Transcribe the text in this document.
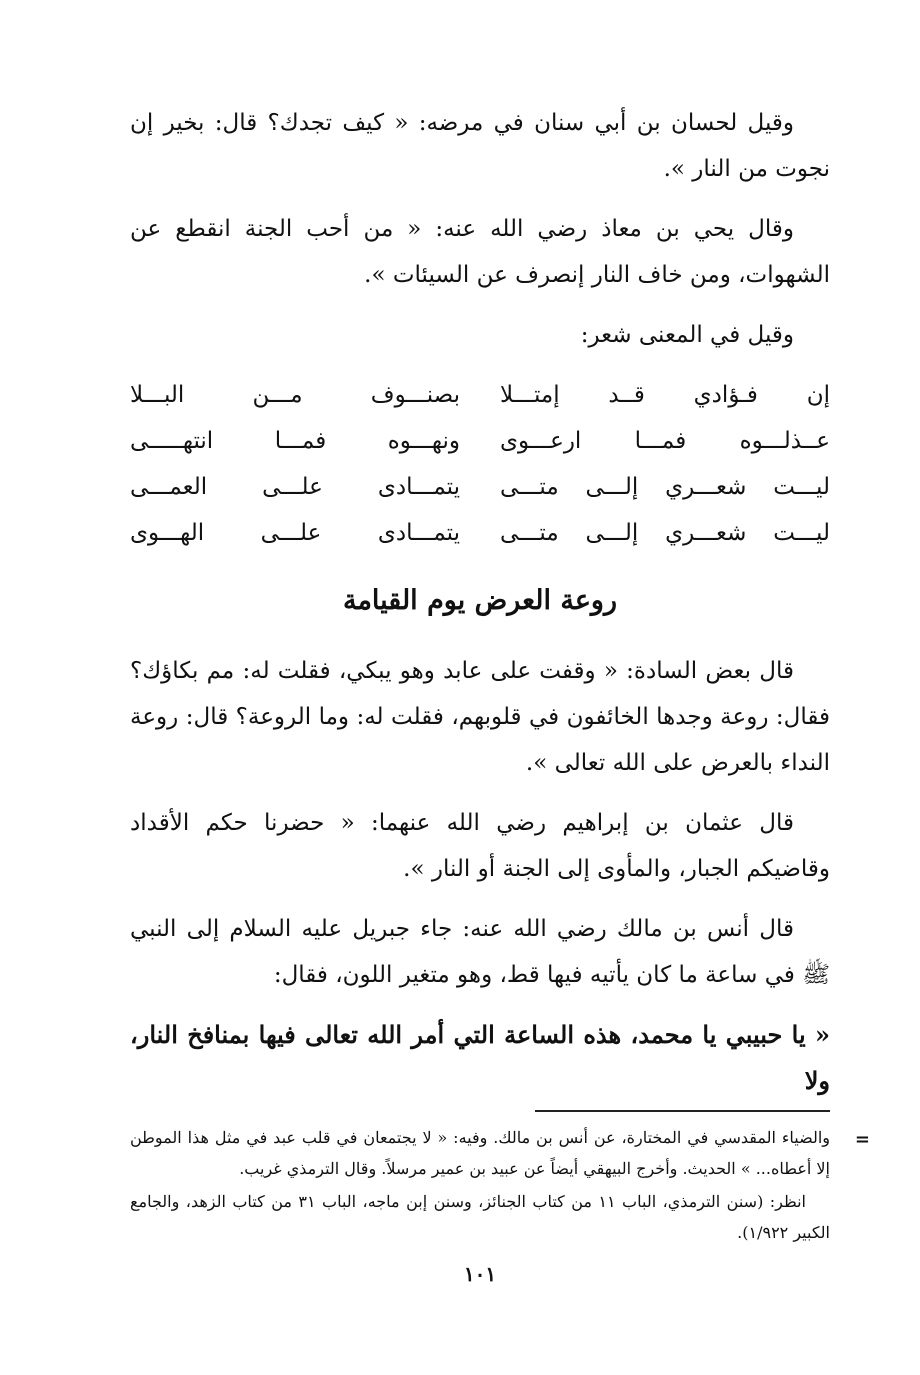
وقيل لحسان بن أبي سنان في مرضه: « كيف تجدك؟ قال: بخير إن نجوت من النار ».

وقال يحي بن معاذ رضي الله عنه: « من أحب الجنة انقطع عن الشهوات، ومن خاف النار إنصرف عن السيئات ».

وقيل في المعنى شعر:

إن فـؤادي قــد إمتـــلا
بصنـــوف مـــن البـــلا
عــذلـــوه فمـــا ارعـــوى
ونهـــوه فمـــا انتهـــــى
ليـــت شعـــري إلـــى متـــى
يتمـــادى علـــى العمـــى
ليـــت شعـــري إلـــى متـــى
يتمـــادى علـــى الهـــوى
روعة العرض يوم القيامة

قال بعض السادة: « وقفت على عابد وهو يبكي، فقلت له: مم بكاؤك؟ فقال: روعة وجدها الخائفون في قلوبهم، فقلت له: وما الروعة؟ قال: روعة النداء بالعرض على الله تعالى ».

قال عثمان بن إبراهيم رضي الله عنهما: « حضرنا حكم الأقداد وقاضيكم الجبار، والمأوى إلى الجنة أو النار ».

قال أنس بن مالك رضي الله عنه: جاء جبريل عليه السلام إلى النبي ﷺ في ساعة ما كان يأتيه فيها قط، وهو متغير اللون، فقال:

« يا حبيبي يا محمد، هذه الساعة التي أمر الله تعالى فيها بمنافخ النار، ولا

=
والضياء المقدسي في المختارة، عن أنس بن مالك. وفيه: « لا يجتمعان في قلب عبد في مثل هذا الموطن إلا أعطاه... » الحديث. وأخرج البيهقي أيضاً عن عبيد بن عمير مرسلاً. وقال الترمذي غريب.

انظر: (سنن الترمذي، الباب ١١ من كتاب الجنائز، وسنن إبن ماجه، الباب ٣١ من كتاب الزهد، والجامع الكبير ١/٩٢٢).

١٠١
